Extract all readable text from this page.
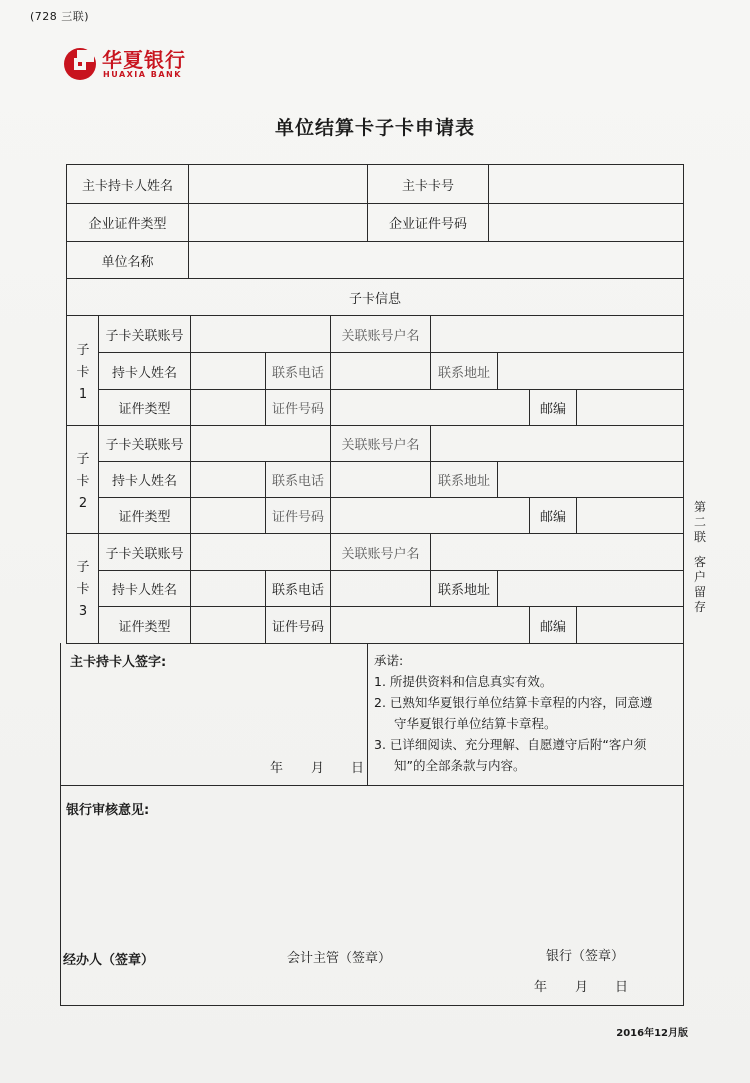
(728 三联)
华夏银行
HUAXIA BANK
单位结算卡子卡申请表
主卡持卡人姓名	主卡卡号
企业证件类型	企业证件号码
单位名称
子卡信息
子
卡
1
子卡关联账号	关联账号户名
持卡人姓名	联系电话	联系地址
证件类型	证件号码	邮编
子
卡
2
子卡关联账号	关联账号户名
持卡人姓名	联系电话	联系地址
证件类型	证件号码	邮编
子
卡
3
子卡关联账号	关联账号户名
持卡人姓名	联系电话	联系地址
证件类型	证件号码	邮编
主卡持卡人签字:
年 月 日
承诺:
1. 所提供资料和信息真实有效。
2. 已熟知华夏银行单位结算卡章程的内容，同意遵
守华夏银行单位结算卡章程。
3. 已详细阅读、充分理解、自愿遵守后附“客户须
知”的全部条款与内容。
银行审核意见:
经办人（签章）	会计主管（签章）	银行（签章）
年 月 日
第
二
联
客
户
留
存
2016年12月版
